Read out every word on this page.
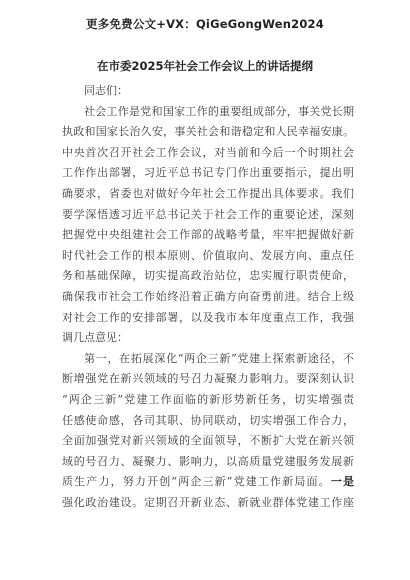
更多免费公文+VX：QiGeGongWen2024
在市委2025年社会工作会议上的讲话提纲
同志们：
社会工作是党和国家工作的重要组成部分，事关党长期
执政和国家长治久安，事关社会和谐稳定和人民幸福安康。
中央首次召开社会工作会议，对当前和今后一个时期社会
工作作出部署，习近平总书记专门作出重要指示，提出明
确要求，省委也对做好今年社会工作提出具体要求。我们
要学深悟透习近平总书记关于社会工作的重要论述，深刻
把握党中央组建社会工作部的战略考量，牢牢把握做好新
时代社会工作的根本原则、价值取向、发展方向、重点任
务和基础保障，切实提高政治站位，忠实履行职责使命，
确保我市社会工作始终沿着正确方向奋勇前进。结合上级
对社会工作的安排部署，以及我市本年度重点工作，我强
调几点意见：
第一，在拓展深化“两企三新”党建上探索新途径，不
断增强党在新兴领域的号召力凝聚力影响力。要深刻认识
“两企三新”党建工作面临的新形势新任务，切实增强责
任感使命感，各司其职、协同联动，切实增强工作合力，
全面加强党对新兴领域的全面领导，不断扩大党在新兴领
域的号召力、凝聚力、影响力，以高质量党建服务发展新
质生产力，努力开创“两企三新”党建工作新局面。一是
强化政治建设。定期召开新业态、新就业群体党建工作座
